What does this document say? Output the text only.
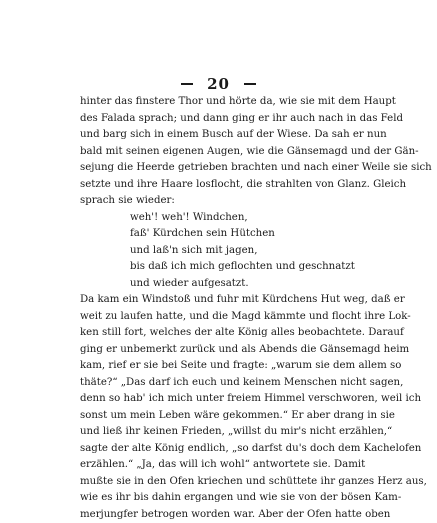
20
hinter das finstere Thor und hörte da, wie sie mit dem Haupt
des Falada sprach; und dann ging er ihr auch nach in das Feld
und barg sich in einem Busch auf der Wiese. Da sah er nun
bald mit seinen eigenen Augen, wie die Gänsemagd und der Gän-
sejung die Heerde getrieben brachten und nach einer Weile sie sich
setzte und ihre Haare losflocht, die strahlten von Glanz. Gleich
sprach sie wieder:
weh'! weh'! Windchen,
faß' Kürdchen sein Hütchen
und laß'n sich mit jagen,
bis daß ich mich geflochten und geschnatzt
und wieder aufgesatzt.
Da kam ein Windstoß und fuhr mit Kürdchens Hut weg, daß er
weit zu laufen hatte, und die Magd kämmte und flocht ihre Lok-
ken still fort, welches der alte König alles beobachtete. Darauf
ging er unbemerkt zurück und als Abends die Gänsemagd heim
kam, rief er sie bei Seite und fragte: „warum sie dem allem so
thäte?“ „Das darf ich euch und keinem Menschen nicht sagen,
denn so hab' ich mich unter freiem Himmel verschworen, weil ich
sonst um mein Leben wäre gekommen.“ Er aber drang in sie
und ließ ihr keinen Frieden, „willst du mir's nicht erzählen,“
sagte der alte König endlich, „so darfst du's doch dem Kachelofen
erzählen.“ „Ja, das will ich wohl“ antwortete sie. Damit
mußte sie in den Ofen kriechen und schüttete ihr ganzes Herz aus,
wie es ihr bis dahin ergangen und wie sie von der bösen Kam-
merjungfer betrogen worden war. Aber der Ofen hatte oben
